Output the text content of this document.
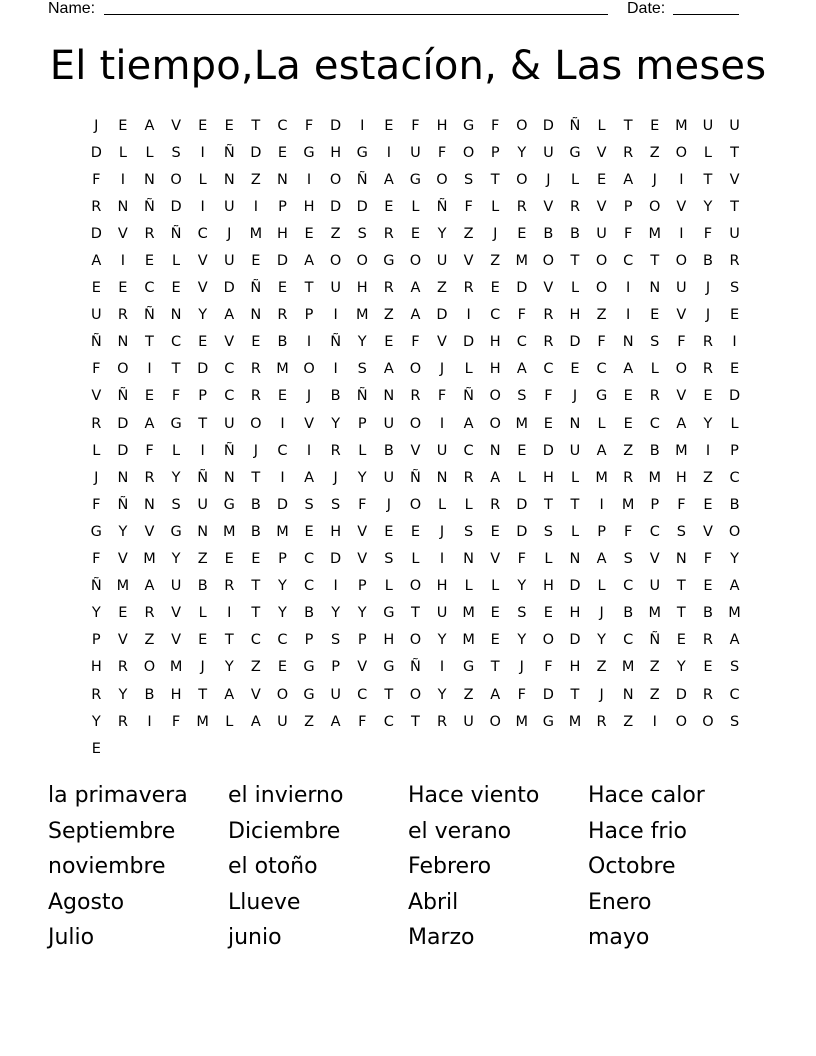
Name:	Date:
El tiempo,La estacíon, & Las meses
J	E	A	V	E	E	T	C	F	D	I	E	F	H	G	F	O	D	Ñ	L	T	E	M	U	U
D	L	L	S	I	Ñ	D	E	G	H	G	I	U	F	O	P	Y	U	G	V	R	Z	O	L	T
F	I	N	O	L	N	Z	N	I	O	Ñ	A	G	O	S	T	O	J	L	E	A	J	I	T	V
R	N	Ñ	D	I	U	I	P	H	D	D	E	L	Ñ	F	L	R	V	R	V	P	O	V	Y	T
D	V	R	Ñ	C	J	M	H	E	Z	S	R	E	Y	Z	J	E	B	B	U	F	M	I	F	U
A	I	E	L	V	U	E	D	A	O	O	G	O	U	V	Z	M	O	T	O	C	T	O	B	R
E	E	C	E	V	D	Ñ	E	T	U	H	R	A	Z	R	E	D	V	L	O	I	N	U	J	S
U	R	Ñ	N	Y	A	N	R	P	I	M	Z	A	D	I	C	F	R	H	Z	I	E	V	J	E
Ñ	N	T	C	E	V	E	B	I	Ñ	Y	E	F	V	D	H	C	R	D	F	N	S	F	R	I
F	O	I	T	D	C	R	M	O	I	S	A	O	J	L	H	A	C	E	C	A	L	O	R	E
V	Ñ	E	F	P	C	R	E	J	B	Ñ	N	R	F	Ñ	O	S	F	J	G	E	R	V	E	D
R	D	A	G	T	U	O	I	V	Y	P	U	O	I	A	O	M	E	N	L	E	C	A	Y	L
L	D	F	L	I	Ñ	J	C	I	R	L	B	V	U	C	N	E	D	U	A	Z	B	M	I	P
J	N	R	Y	Ñ	N	T	I	A	J	Y	U	Ñ	N	R	A	L	H	L	M	R	M	H	Z	C
F	Ñ	N	S	U	G	B	D	S	S	F	J	O	L	L	R	D	T	T	I	M	P	F	E	B
G	Y	V	G	N	M	B	M	E	H	V	E	E	J	S	E	D	S	L	P	F	C	S	V	O
F	V	M	Y	Z	E	E	P	C	D	V	S	L	I	N	V	F	L	N	A	S	V	N	F	Y
Ñ	M	A	U	B	R	T	Y	C	I	P	L	O	H	L	L	Y	H	D	L	C	U	T	E	A
Y	E	R	V	L	I	T	Y	B	Y	Y	G	T	U	M	E	S	E	H	J	B	M	T	B	M
P	V	Z	V	E	T	C	C	P	S	P	H	O	Y	M	E	Y	O	D	Y	C	Ñ	E	R	A
H	R	O	M	J	Y	Z	E	G	P	V	G	Ñ	I	G	T	J	F	H	Z	M	Z	Y	E	S
R	Y	B	H	T	A	V	O	G	U	C	T	O	Y	Z	A	F	D	T	J	N	Z	D	R	C
Y	R	I	F	M	L	A	U	Z	A	F	C	T	R	U	O	M	G	M	R	Z	I	O	O	S
E
la primavera	el invierno	Hace viento	Hace calor
Septiembre	Diciembre	el verano	Hace frio
noviembre	el otoño	Febrero	Octobre
Agosto	Llueve	Abril	Enero
Julio	junio	Marzo	mayo
